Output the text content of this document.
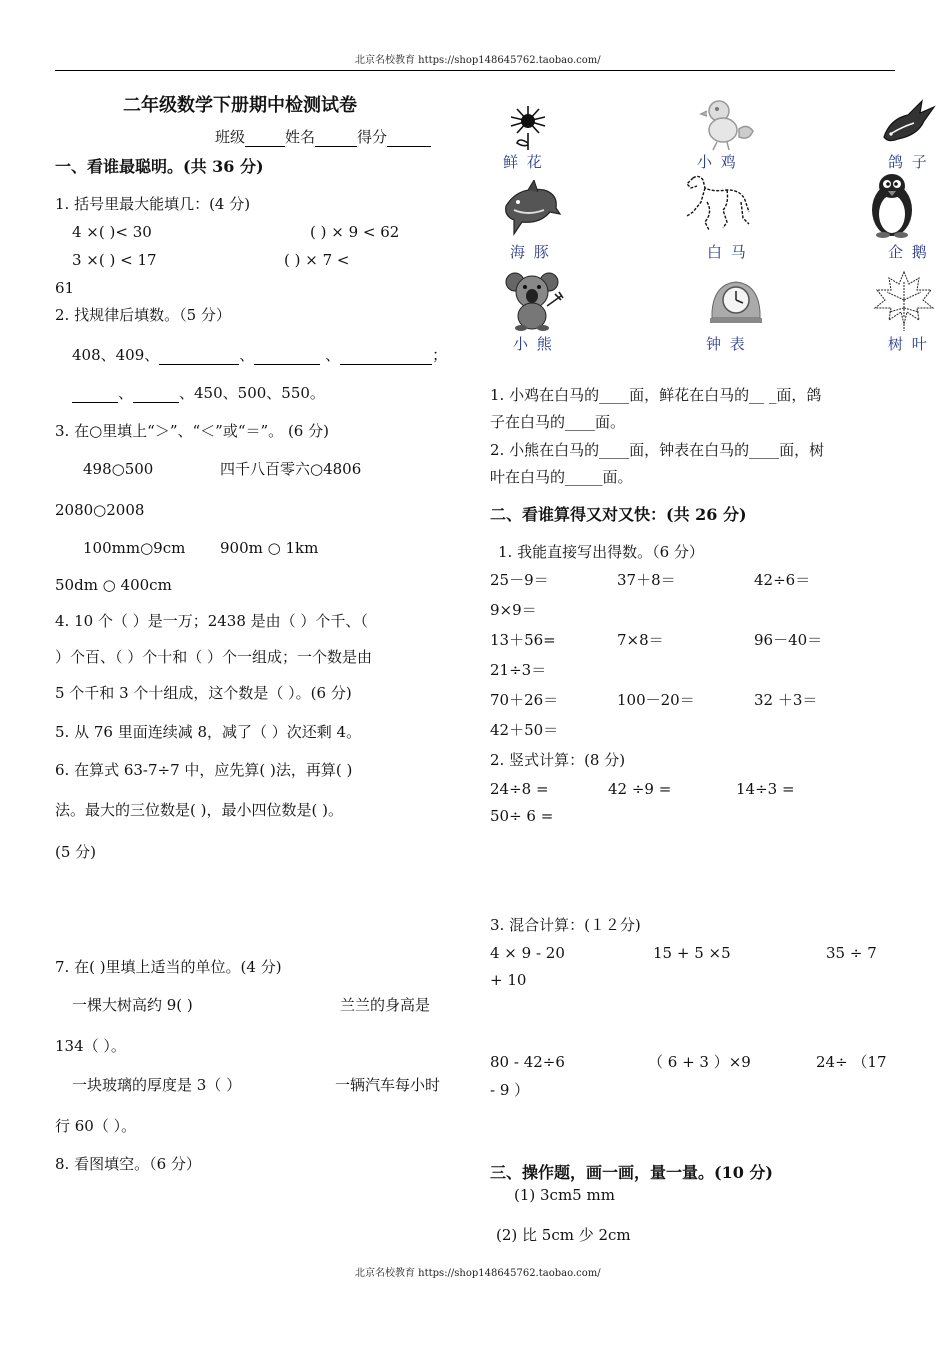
北京名校教育 https://shop148645762.taobao.com/
二年级数学下册期中检测试卷
班级	姓名	得分
一、看谁最聪明。(共 36 分)
1. 括号里最大能填几：(4 分)
4 ×( )< 30	( ) × 9 < 62
3 ×( ) < 17	( ) × 7 <
61
2. 找规律后填数。（5 分）
408、409、	、	、	；
、	、450、500、550。
3. 在○里填上“＞”、“＜”或“＝”。 (6 分)
498○500	四千八百零六○4806
2080○2008
100mm○9cm 900m ○ 1km
50dm ○ 400cm
4. 10 个（ ）是一万；2438 是由（ ）个千、（
）个百、（ ）个十和（ ）个一组成；一个数是由
5 个千和 3 个十组成，这个数是（ ）。(6 分)
5. 从 76 里面连续减 8，减了（ ）次还剩 4。
6. 在算式 63-7÷7 中，应先算( )法，再算( )
法。最大的三位数是( )，最小四位数是( )。
(5 分)
7. 在( )里填上适当的单位。(4 分)
一棵大树高约 9( )	兰兰的身高是
134（ ）。
一块玻璃的厚度是 3（ ）	一辆汽车每小时
行 60（ ）。
8. 看图填空。（6 分）
鲜 花	小 鸡	鸽 子
海 豚	白 马	企 鹅
小 熊	钟 表	树 叶
1. 小鸡在白马的____面，鲜花在白马的__ _面，鸽
子在白马的____面。
2. 小熊在白马的____面，钟表在白马的____面，树
叶在白马的_____面。
二、看谁算得又对又快：(共 26 分)
1. 我能直接写出得数。（6 分）
25－9＝	37＋8＝	42÷6＝
9×9＝
13＋56=	7×8＝	96－40＝
21÷3＝
70＋26＝	100－20＝	32 ＋3＝
42＋50＝
2. 竖式计算：(8 分)
24÷8 =	42 ÷9 =	14÷3 =
50÷ 6 =
3. 混合计算：(１２分)
4 × 9 - 20	15 + 5 ×5	35 ÷ 7
+ 10
80 - 42÷6	（ 6 + 3 ）×9	24÷ （17
- 9 ）
三、操作题，画一画，量一量。(10 分)
(1) 3cm5 mm
(2) 比 5cm 少 2cm
北京名校教育 https://shop148645762.taobao.com/
